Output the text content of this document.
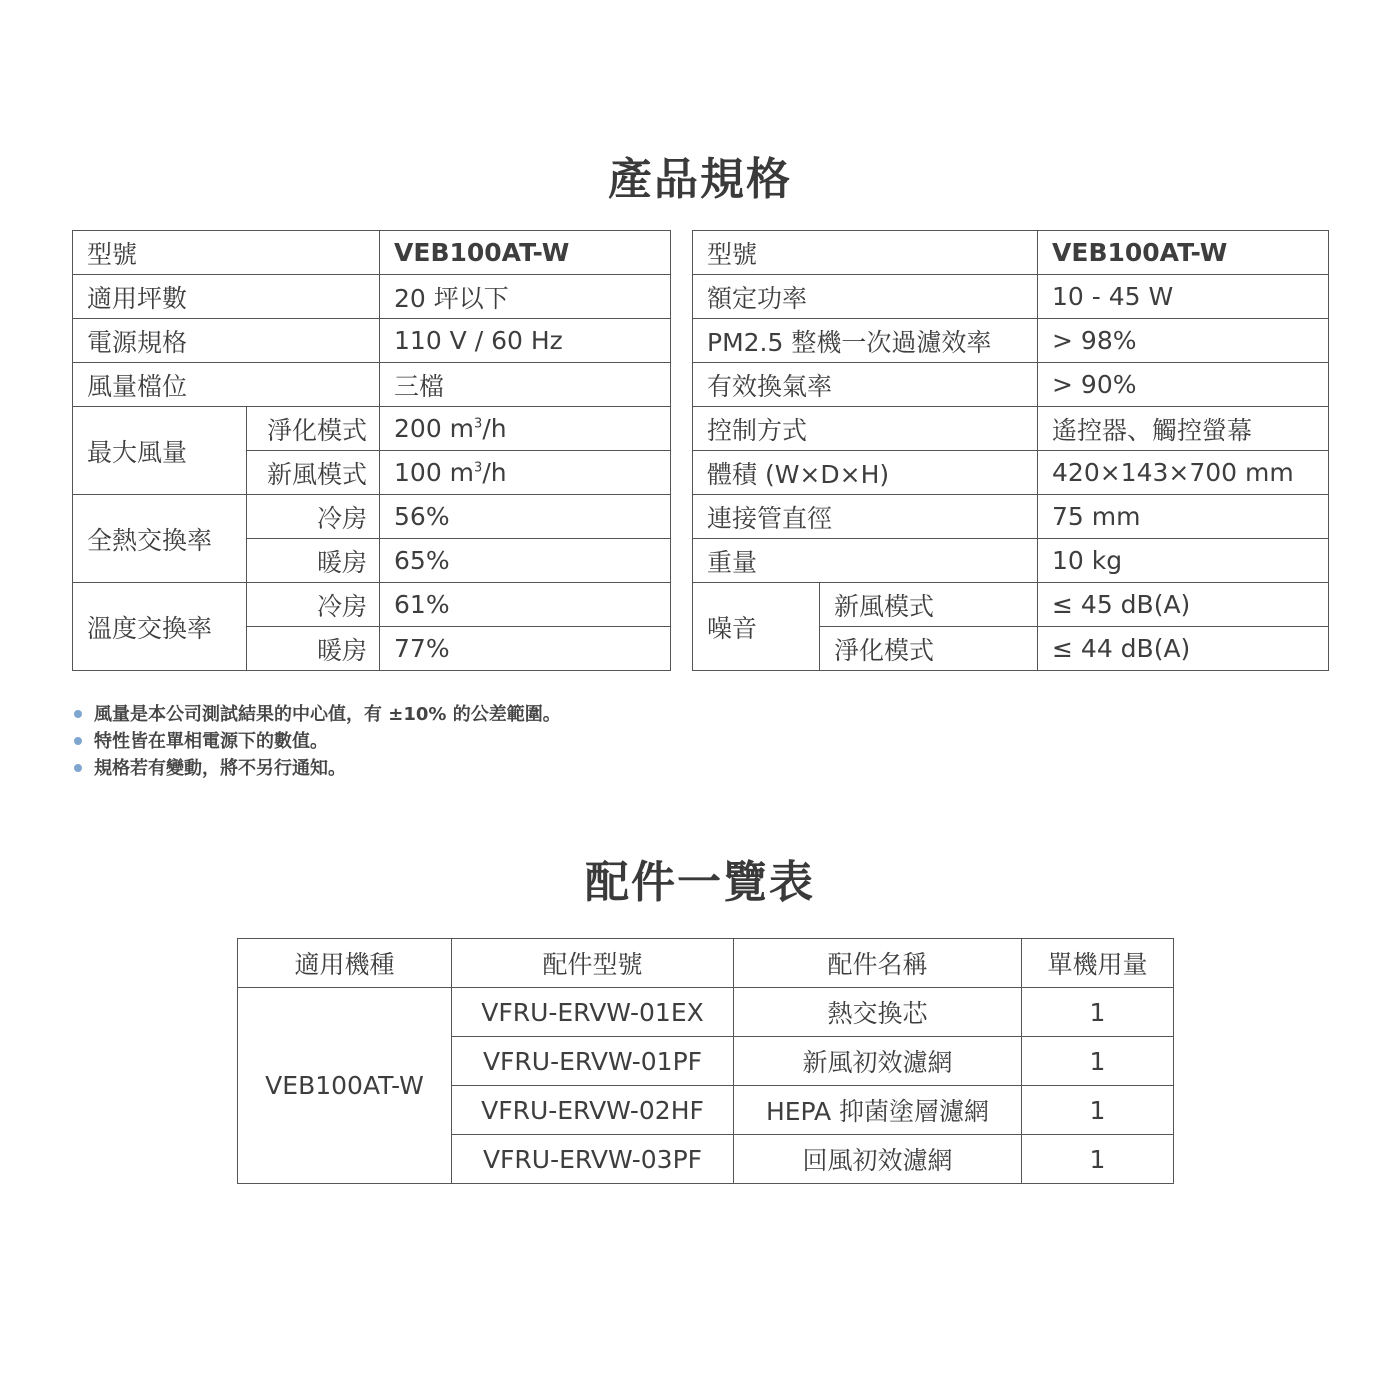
產品規格
型號		VEB100AT-W
適用坪數		20 坪以下
電源規格		110 V / 60 Hz
風量檔位		三檔
最大風量	淨化模式	200 $m^3/h$
	新風模式	100 $m^3/h$
全熱交換率	冷房	56%
	暖房	65%
溫度交換率	冷房	61%
	暖房	77%
型號		VEB100AT-W
額定功率		10 - 45 W
PM2.5 整機一次過濾效率		> 98%
有效換氣率		> 90%
控制方式		遙控器、觸控螢幕
體積 (W×D×H)		420×143×700 mm
連接管直徑		75 mm
重量		10 kg
噪音	新風模式	≤ 45 dB(A)
	淨化模式	≤ 44 dB(A)
風量是本公司測試結果的中心值，有 ±10% 的公差範圍。
特性皆在單相電源下的數值。
規格若有變動，將不另行通知。
配件一覽表
適用機種	配件型號	配件名稱	單機用量
VEB100AT-W	VFRU-ERVW-01EX	熱交換芯	1
	VFRU-ERVW-01PF	新風初效濾網	1
	VFRU-ERVW-02HF	HEPA 抑菌塗層濾網	1
	VFRU-ERVW-03PF	回風初效濾網	1
